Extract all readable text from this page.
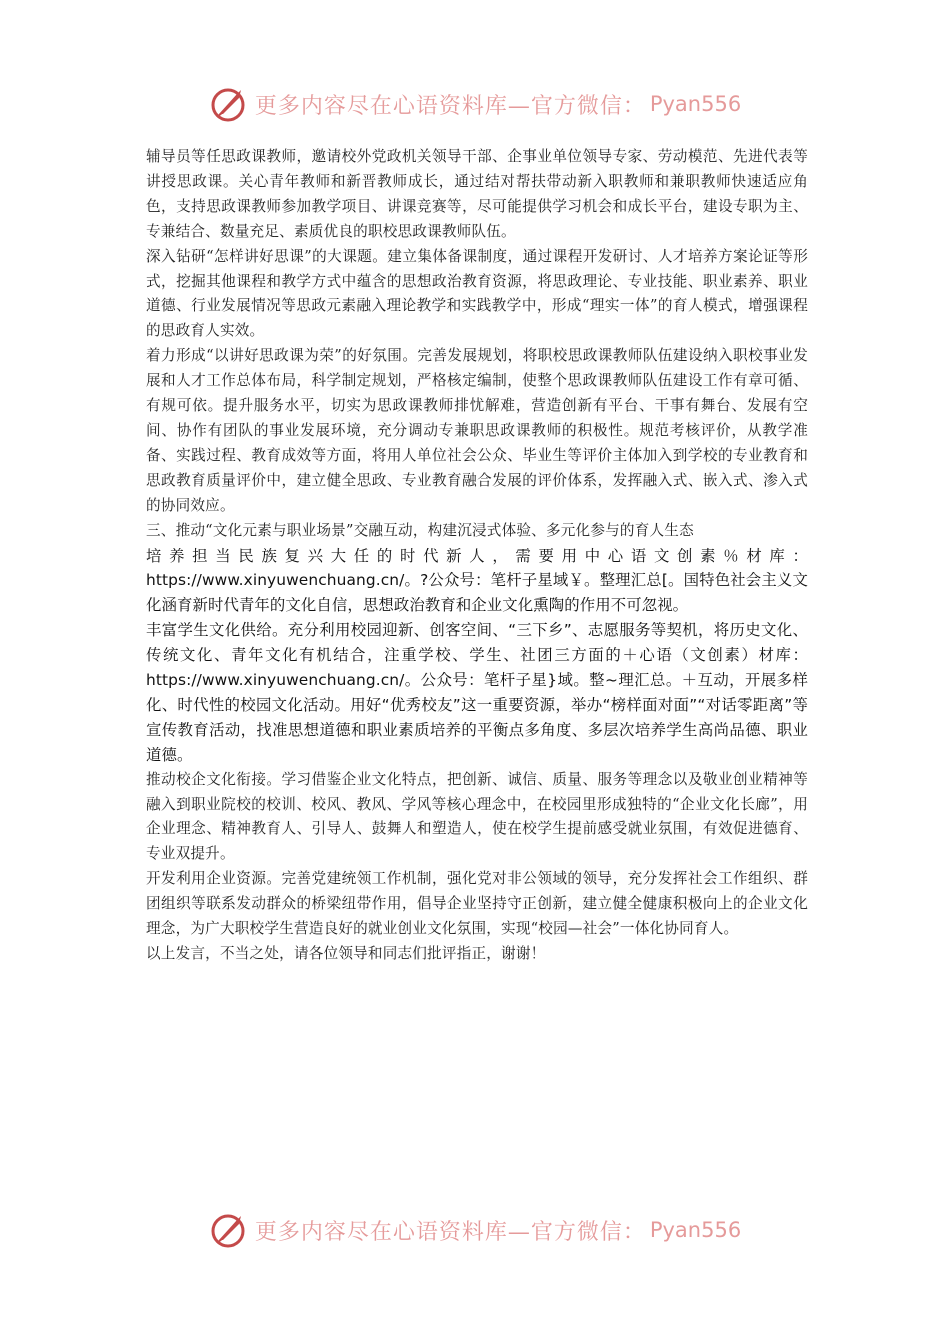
更多内容尽在心语资料库—官方微信： Pyan556

辅导员等任思政课教师，邀请校外党政机关领导干部、企事业单位领导专家、劳动模范、先进代表等讲授思政课。关心青年教师和新晋教师成长，通过结对帮扶带动新入职教师和兼职教师快速适应角色，支持思政课教师参加教学项目、讲课竞赛等，尽可能提供学习机会和成长平台，建设专职为主、专兼结合、数量充足、素质优良的职校思政课教师队伍。

深入钻研“怎样讲好思课”的大课题。建立集体备课制度，通过课程开发研讨、人才培养方案论证等形式，挖掘其他课程和教学方式中蕴含的思想政治教育资源，将思政理论、专业技能、职业素养、职业道德、行业发展情况等思政元素融入理论教学和实践教学中，形成“理实一体”的育人模式，增强课程的思政育人实效。

着力形成“以讲好思政课为荣”的好氛围。完善发展规划，将职校思政课教师队伍建设纳入职校事业发展和人才工作总体布局，科学制定规划，严格核定编制，使整个思政课教师队伍建设工作有章可循、有规可依。提升服务水平，切实为思政课教师排忧解难，营造创新有平台、干事有舞台、发展有空间、协作有团队的事业发展环境，充分调动专兼职思政课教师的积极性。规范考核评价，从教学准备、实践过程、教育成效等方面，将用人单位社会公众、毕业生等评价主体加入到学校的专业教育和思政教育质量评价中，建立健全思政、专业教育融合发展的评价体系，发挥融入式、嵌入式、渗入式的协同效应。

三、推动“文化元素与职业场景”交融互动，构建沉浸式体验、多元化参与的育人生态

培养担当民族复兴大任的时代新人，需要用中心语文创素％材库：https://www.xinyuwenchuang.cn/。?公众号：笔杆子星域￥。整理汇总[。国特色社会主义文化涵育新时代青年的文化自信，思想政治教育和企业文化熏陶的作用不可忽视。

丰富学生文化供给。充分利用校园迎新、创客空间、“三下乡”、志愿服务等契机，将历史文化、传统文化、青年文化有机结合，注重学校、学生、社团三方面的＋心语（文创素）材库：https://www.xinyuwenchuang.cn/。公众号：笔杆子星}域。整~理汇总。＋互动，开展多样化、时代性的校园文化活动。用好“优秀校友”这一重要资源，举办“榜样面对面”“对话零距离”等宣传教育活动，找准思想道德和职业素质培养的平衡点多角度、多层次培养学生高尚品德、职业道德。

推动校企文化衔接。学习借鉴企业文化特点，把创新、诚信、质量、服务等理念以及敬业创业精神等融入到职业院校的校训、校风、教风、学风等核心理念中，在校园里形成独特的“企业文化长廊”，用企业理念、精神教育人、引导人、鼓舞人和塑造人，使在校学生提前感受就业氛围，有效促进德育、专业双提升。

开发利用企业资源。完善党建统领工作机制，强化党对非公领域的领导，充分发挥社会工作组织、群团组织等联系发动群众的桥梁纽带作用，倡导企业坚持守正创新，建立健全健康积极向上的企业文化理念，为广大职校学生营造良好的就业创业文化氛围，实现“校园—社会”一体化协同育人。

以上发言，不当之处，请各位领导和同志们批评指正，谢谢！

更多内容尽在心语资料库—官方微信： Pyan556
